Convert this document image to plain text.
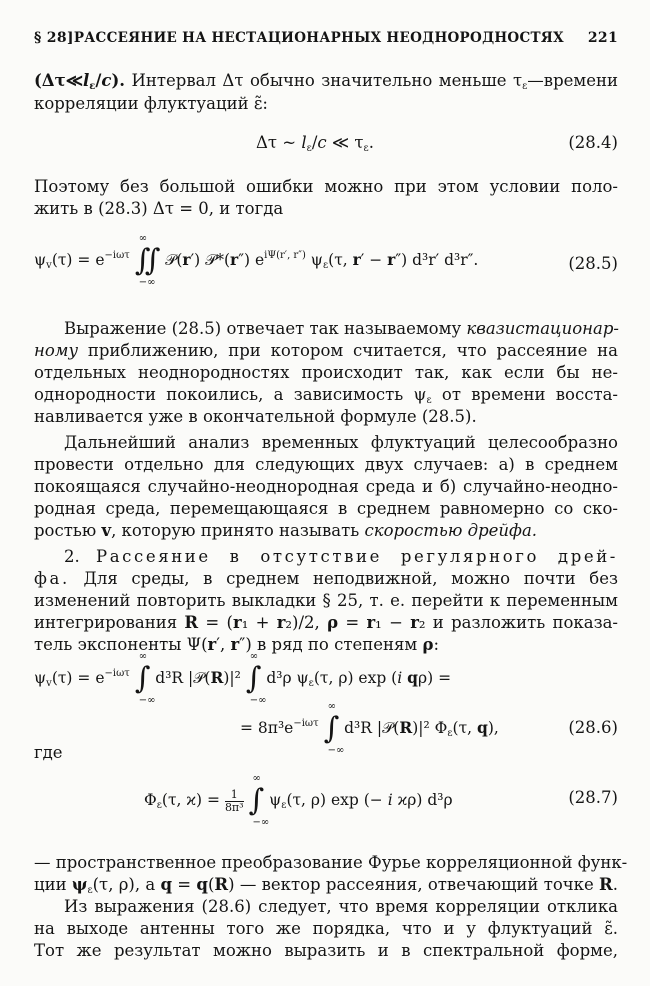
§ 28] РАССЕЯНИЕ НА НЕСТАЦИОНАРНЫХ НЕОДНОРОДНОСТЯХ	221
$(\Delta\tau≪l_\varepsilon/c)$. Интервал Δτ обычно значительно меньше $\tau_\varepsilon—времени$
корреляции флуктуаций ε̃:
Δτ ~ $l_\varepsilon/c$ ≪ $\tau_\varepsilon$.	(28.4)
Поэтому без большой ошибки можно при этом условии поло-
жить в (28.3) Δτ = 0, и тогда
$\psi_v(\tau) = e^{-i\omega\tau}$ ∬
∞
−∞
𝒫(r′) 𝒫*(r″) $e^{i\Psi(r', r'')}$ $\psi_\varepsilon(\tau$, r′ − r″) d³r′ d³r″.	(28.5)
Выражение (28.5) отвечает так называемому квазистационар-
ному приближению, при котором считается, что рассеяние на
отдельных неоднородностях происходит так, как если бы не-
однородности покоились, а зависимость $\psi_\varepsilon$ от времени восста-
навливается уже в окончательной формуле (28.5).
Дальнейший анализ временных флуктуаций целесообразно
провести отдельно для следующих двух случаев: а) в среднем
покоящаяся случайно-неоднородная среда и б) случайно-неодно-
родная среда, перемещающаяся в среднем равномерно со ско-
ростью v, которую принято называть скоростью дрейфа.
2. Рассеяние в отсутствие регулярного дрей-
фа. Для среды, в среднем неподвижной, можно почти без
изменений повторить выкладки § 25, т. е. перейти к переменным
интегрирования R = (r₁ + r₂)/2, ρ = r₁ − r₂ и разложить показа-
тель экспоненты Ψ(r′, r″) в ряд по степеням ρ:
$\psi_v(\tau) = e^{-i\omega\tau}$ ∫
∞
−∞
d³R |𝒫(R)|² ∫
∞
−∞
d³ρ $\psi_\varepsilon(\tau$, ρ) exp (i qρ) =
= $8\pi^3e^{-i\omega\tau}$ ∫
∞
−∞
d³R |𝒫(R)|² $\Phi_\varepsilon(\tau$, q),	(28.6)
где
$\Phi_\varepsilon(\tau$, $ϰ) = \frac{1}{\text{8π³}}$ ∫
∞
−∞
$\psi_\varepsilon(\tau$, ρ) exp (− i ϰρ) d³ρ	(28.7)
— пространственное преобразование Фурье корреляционной функ-
ции $\psi_\varepsilon(\tau$, ρ), а q = q(R) — вектор рассеяния, отвечающий точке R.
Из выражения (28.6) следует, что время корреляции отклика
на выходе антенны того же порядка, что и у флуктуаций ε̃.
Тот же результат можно выразить и в спектральной форме,
